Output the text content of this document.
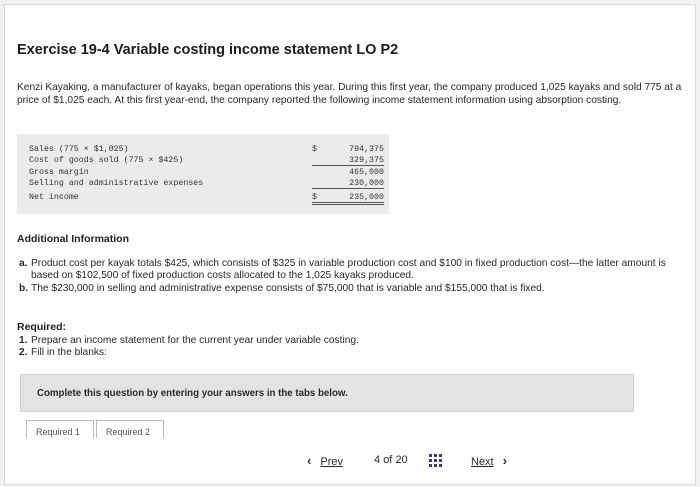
Exercise 19-4 Variable costing income statement LO P2
Kenzi Kayaking, a manufacturer of kayaks, began operations this year. During this first year, the company produced 1,025 kayaks and sold 775 at a price of $1,025 each. At this first year-end, the company reported the following income statement information using absorption costing.
Sales (775 × $1,025)	$	794,375
Cost of goods sold (775 × $425)	329,375
Gross margin	465,000
Selling and administrative expenses	230,000
Net income	$	235,000
Additional Information
a. Product cost per kayak totals $425, which consists of $325 in variable production cost and $100 in fixed production cost—the latter amount is based on $102,500 of fixed production costs allocated to the 1,025 kayaks produced.
b. The $230,000 in selling and administrative expense consists of $75,000 that is variable and $155,000 that is fixed.
Required:
1. Prepare an income statement for the current year under variable costing.
2. Fill in the blanks:
Complete this question by entering your answers in the tabs below.
Required 1	Required 2
‹ Prev	4 of 20	Next ›
